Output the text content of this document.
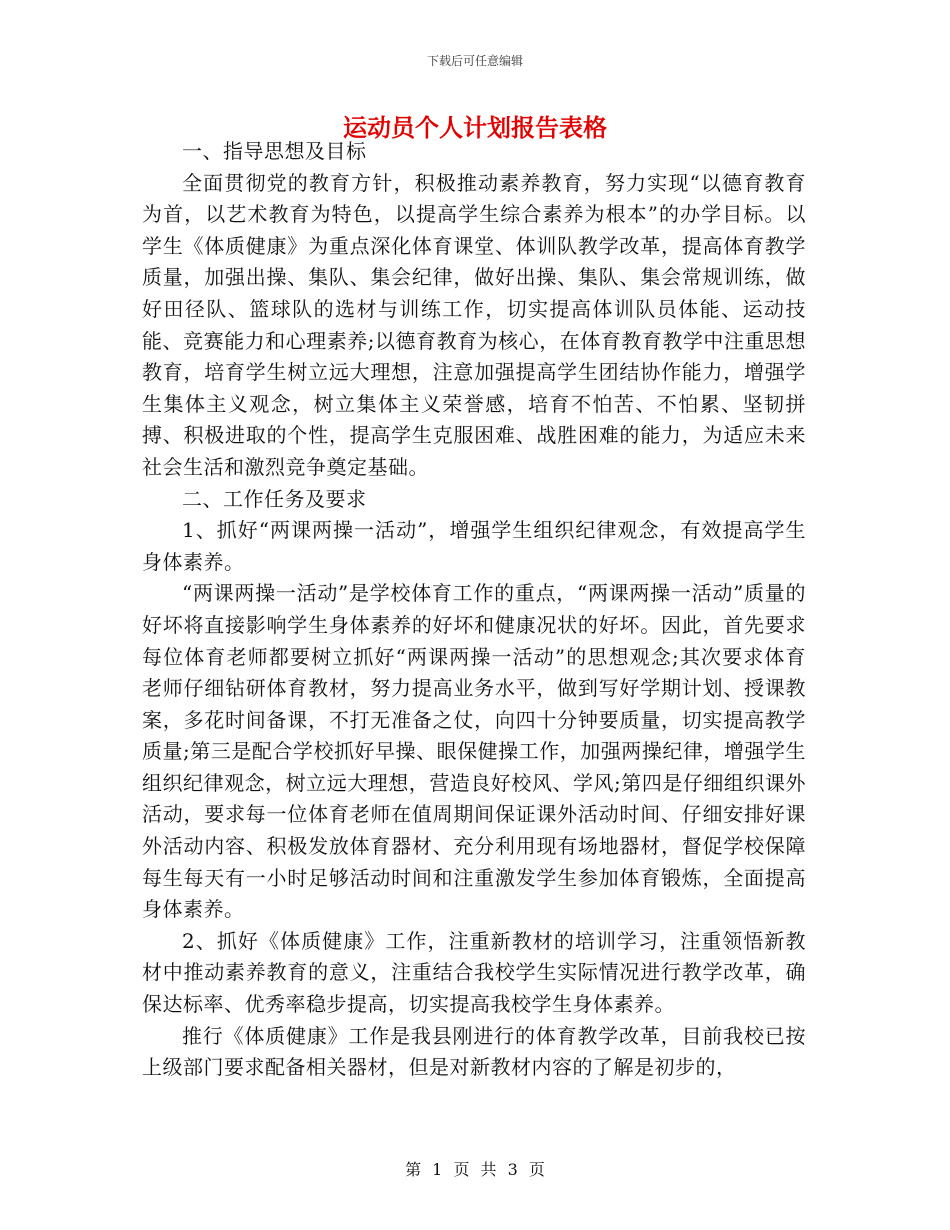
下载后可任意编辑
运动员个人计划报告表格

一、指导思想及目标

全面贯彻党的教育方针，积极推动素养教育，努力实现“以德育教育为首，以艺术教育为特色，以提高学生综合素养为根本”的办学目标。以学生《体质健康》为重点深化体育课堂、体训队教学改革，提高体育教学质量，加强出操、集队、集会纪律，做好出操、集队、集会常规训练，做好田径队、篮球队的选材与训练工作，切实提高体训队员体能、运动技能、竞赛能力和心理素养;以德育教育为核心，在体育教育教学中注重思想教育，培育学生树立远大理想，注意加强提高学生团结协作能力，增强学生集体主义观念，树立集体主义荣誉感，培育不怕苦、不怕累、坚韧拼搏、积极进取的个性，提高学生克服困难、战胜困难的能力，为适应未来社会生活和激烈竞争奠定基础。

二、工作任务及要求

1、抓好“两课两操一活动”，增强学生组织纪律观念，有效提高学生身体素养。

“两课两操一活动”是学校体育工作的重点，“两课两操一活动”质量的好坏将直接影响学生身体素养的好坏和健康况状的好坏。因此，首先要求每位体育老师都要树立抓好“两课两操一活动”的思想观念;其次要求体育老师仔细钻研体育教材，努力提高业务水平，做到写好学期计划、授课教案，多花时间备课，不打无准备之仗，向四十分钟要质量，切实提高教学质量;第三是配合学校抓好早操、眼保健操工作，加强两操纪律，增强学生组织纪律观念，树立远大理想，营造良好校风、学风;第四是仔细组织课外活动，要求每一位体育老师在值周期间保证课外活动时间、仔细安排好课外活动内容、积极发放体育器材、充分利用现有场地器材，督促学校保障每生每天有一小时足够活动时间和注重激发学生参加体育锻炼，全面提高身体素养。

2、抓好《体质健康》工作，注重新教材的培训学习，注重领悟新教材中推动素养教育的意义，注重结合我校学生实际情况进行教学改革，确保达标率、优秀率稳步提高，切实提高我校学生身体素养。

推行《体质健康》工作是我县刚进行的体育教学改革，目前我校已按上级部门要求配备相关器材，但是对新教材内容的了解是初步的，

第 1 页 共 3 页
